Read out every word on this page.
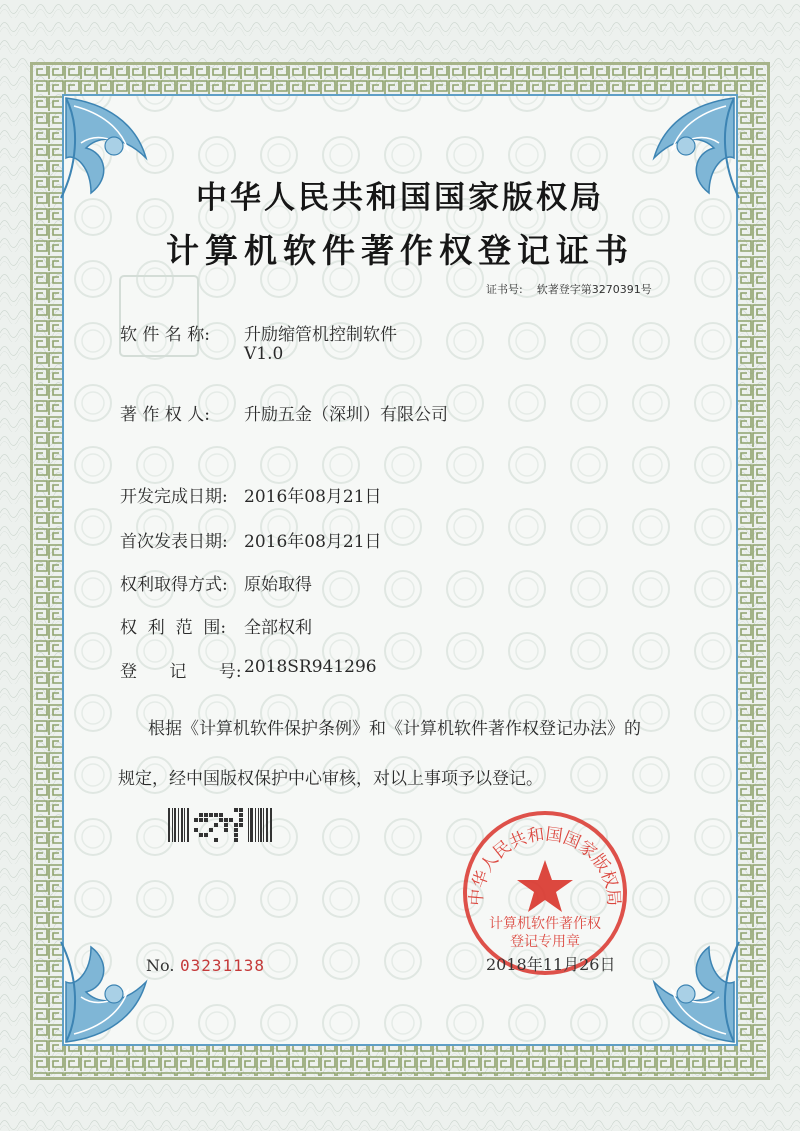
中华人民共和国国家版权局
计算机软件著作权登记证书
证书号: 软著登字第3270391号
软 件 名 称: 升励缩管机控制软件
V1.0
著 作 权 人: 升励五金（深圳）有限公司
开发完成日期: 2016年08月21日
首次发表日期: 2016年08月21日
权利取得方式: 原始取得
权  利  范  围: 全部权利
登      记      号: 2018SR941296
根据《计算机软件保护条例》和《计算机软件著作权登记办法》的
规定，经中国版权保护中心审核，对以上事项予以登记。
中华人民共和国国家版权局
计算机软件著作权
登记专用章
No. 03231138	2018年11月26日
